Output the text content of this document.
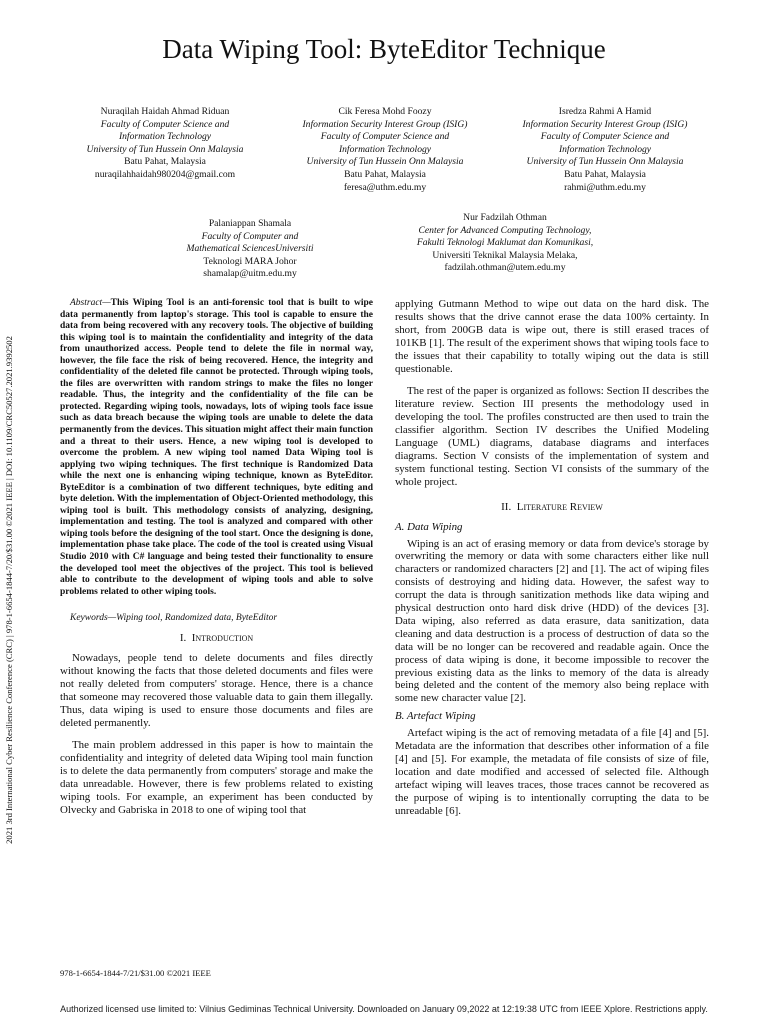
Data Wiping Tool: ByteEditor Technique
Nuraqilah Haidah Ahmad Riduan
Faculty of Computer Science and
Information Technology
University of Tun Hussein Onn Malaysia
Batu Pahat, Malaysia
nuraqilahhaidah980204@gmail.com
Cik Feresa Mohd Foozy
Information Security Interest Group (ISIG)
Faculty of Computer Science and
Information Technology
University of Tun Hussein Onn Malaysia
Batu Pahat, Malaysia
feresa@uthm.edu.my
Isredza Rahmi A Hamid
Information Security Interest Group (ISIG)
Faculty of Computer Science and
Information Technology
University of Tun Hussein Onn Malaysia
Batu Pahat, Malaysia
rahmi@uthm.edu.my
Palaniappan Shamala
Faculty of Computer and
Mathematical SciencesUniversiti
Teknologi MARA Johor
shamalap@uitm.edu.my
Nur Fadzilah Othman
Center for Advanced Computing Technology,
Fakulti Teknologi Maklumat dan Komunikasi,
Universiti Teknikal Malaysia Melaka,
fadzilah.othman@utem.edu.my
2021 3rd International Cyber Resilience Conference (CRC) | 978-1-6654-1844-7/20/$31.00 ©2021 IEEE | DOI: 10.1109/CRC50527.2021.9392502

Abstract—This Wiping Tool is an anti-forensic tool that is built to wipe data permanently from laptop's storage. This tool is capable to ensure the data from being recovered with any recovery tools. The objective of building this wiping tool is to maintain the confidentiality and integrity of the data from unauthorized access. People tend to delete the file in normal way, however, the file face the risk of being recovered. Hence, the integrity and confidentiality of the deleted file cannot be protected. Through wiping tools, the files are overwritten with random strings to make the files no longer readable. Thus, the integrity and the confidentiality of the file can be protected. Regarding wiping tools, nowadays, lots of wiping tools face issue such as data breach because the wiping tools are unable to delete the data permanently from the devices. This situation might affect their main function and a threat to their users. Hence, a new wiping tool is developed to overcome the problem. A new wiping tool named Data Wiping tool is applying two wiping techniques. The first technique is Randomized Data while the next one is enhancing wiping technique, known as ByteEditor. ByteEditor is a combination of two different techniques, byte editing and byte deletion. With the implementation of Object-Oriented methodology, this wiping tool is built. This methodology consists of analyzing, designing, implementation and testing. The tool is analyzed and compared with other wiping tools before the designing of the tool start. Once the designing is done, implementation phase take place. The code of the tool is created using Visual Studio 2010 with C# language and being tested their functionality to ensure the developed tool meet the objectives of the project. This tool is believed able to contribute to the development of wiping tools and able to solve problems related to other wiping tools.

Keywords—Wiping tool, Randomized data, ByteEditor

I. Introduction

Nowadays, people tend to delete documents and files directly without knowing the facts that those deleted documents and files were not really deleted from computers' storage. Hence, there is a chance that someone may recovered those valuable data to gain them illegally. Thus, data wiping is used to ensure those documents and files are deleted permanently.

The main problem addressed in this paper is how to maintain the confidentiality and integrity of deleted data Wiping tool main function is to delete the data permanently from computers' storage and make the data unreadable. However, there is few problems related to existing wiping tools. For example, an experiment has been conducted by Olvecky and Gabriska in 2018 to one of wiping tool that

applying Gutmann Method to wipe out data on the hard disk. The results shows that the drive cannot erase the data 100% certainty. In short, from 200GB data is wipe out, there is still erased traces of 101KB [1]. The result of the experiment shows that wiping tools face to the issues that their capability to totally wiping out the data is still questionable.

The rest of the paper is organized as follows: Section II describes the literature review. Section III presents the methodology used in developing the tool. The profiles constructed are then used to train the classifier algorithm. Section IV describes the Unified Modeling Language (UML) diagrams, database diagrams and interfaces diagrams. Section V consists of the implementation of system and system functional testing. Section VI consists of the summary of the whole project.

II. Literature Review

A. Data Wiping

Wiping is an act of erasing memory or data from device's storage by overwriting the memory or data with some characters either like null characters or randomized characters [2] and [1]. The act of wiping files consists of destroying and hiding data. However, the safest way to corrupt the data is through sanitization methods like data wiping and physical destruction onto hard disk drive (HDD) of the devices [3]. Data wiping, also referred as data erasure, data sanitization, data cleaning and data destruction is a process of destruction of data so the data will be no longer can be recovered and readable again. Once the process of data wiping is done, it become impossible to recover the previous existing data as the links to memory of the data is already being deleted and the content of the memory also being replace with some new character value [2].

B. Artefact Wiping

Artefact wiping is the act of removing metadata of a file [4] and [5]. Metadata are the information that describes other information of a file [4] and [5]. For example, the metadata of file consists of size of file, location and date modified and accessed of selected file. Although artefact wiping will leaves traces, those traces cannot be recovered as the purpose of wiping is to intentionally corrupting the data to be unreadable [6].

978-1-6654-1844-7/21/$31.00 ©2021 IEEE
Authorized licensed use limited to: Vilnius Gediminas Technical University. Downloaded on January 09,2022 at 12:19:38 UTC from IEEE Xplore. Restrictions apply.
